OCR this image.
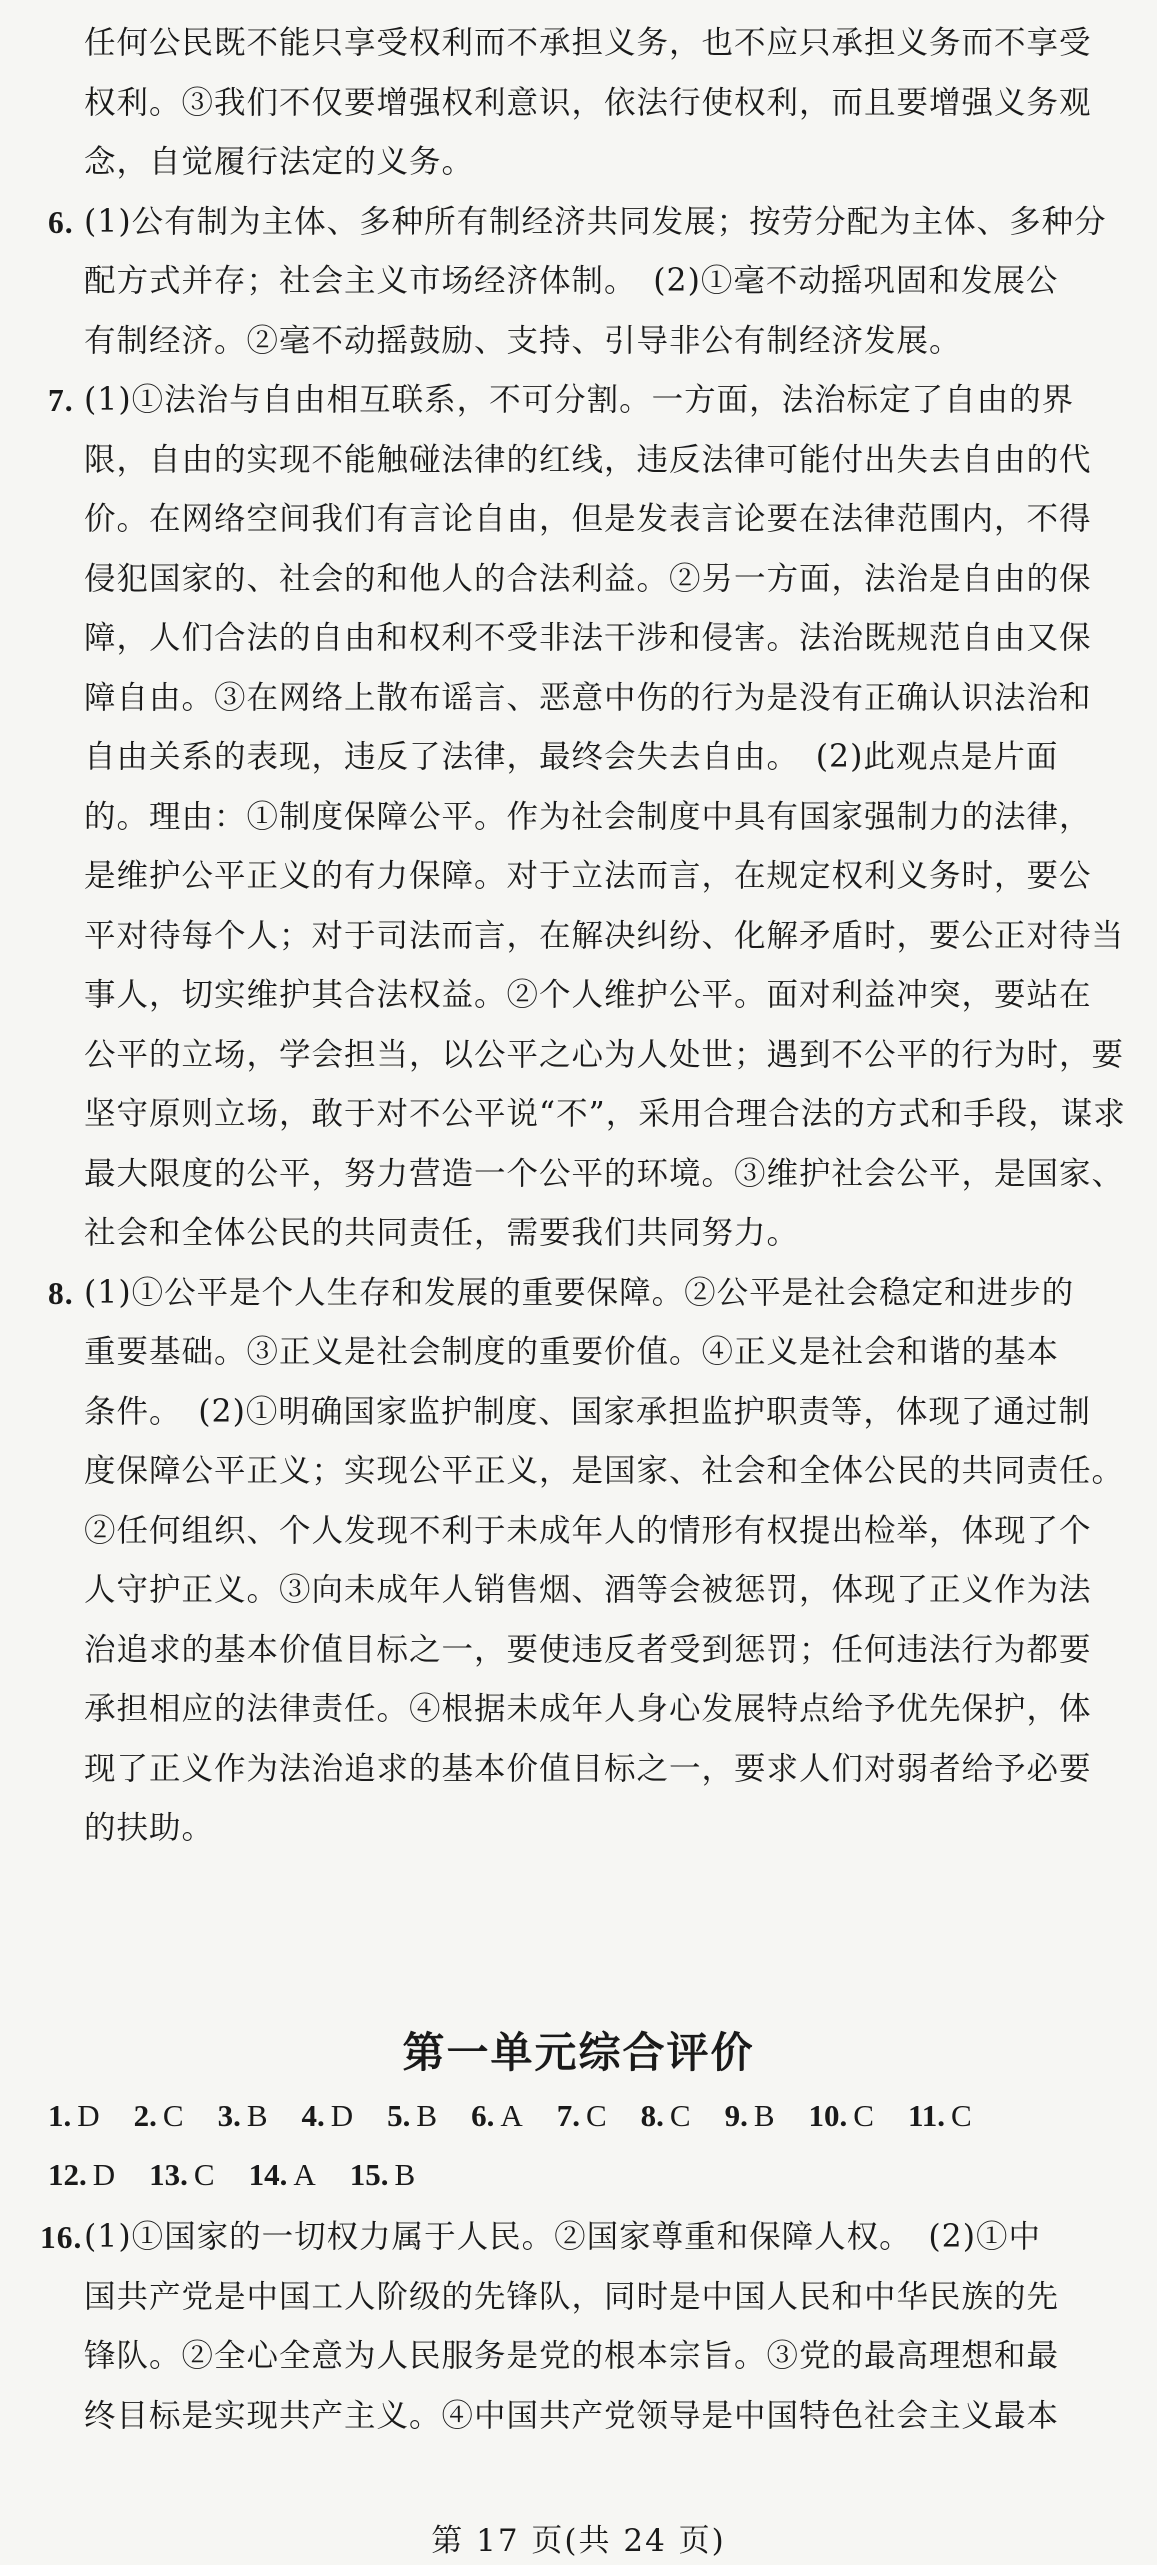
任何公民既不能只享受权利而不承担义务，也不应只承担义务而不享受
权利。③我们不仅要增强权利意识，依法行使权利，而且要增强义务观
念，自觉履行法定的义务。
6. (1)公有制为主体、多种所有制经济共同发展；按劳分配为主体、多种分
配方式并存；社会主义市场经济体制。　(2)①毫不动摇巩固和发展公
有制经济。②毫不动摇鼓励、支持、引导非公有制经济发展。
7. (1)①法治与自由相互联系，不可分割。一方面，法治标定了自由的界
限，自由的实现不能触碰法律的红线，违反法律可能付出失去自由的代
价。在网络空间我们有言论自由，但是发表言论要在法律范围内，不得
侵犯国家的、社会的和他人的合法利益。②另一方面，法治是自由的保
障，人们合法的自由和权利不受非法干涉和侵害。法治既规范自由又保
障自由。③在网络上散布谣言、恶意中伤的行为是没有正确认识法治和
自由关系的表现，违反了法律，最终会失去自由。　(2)此观点是片面
的。理由：①制度保障公平。作为社会制度中具有国家强制力的法律，
是维护公平正义的有力保障。对于立法而言，在规定权利义务时，要公
平对待每个人；对于司法而言，在解决纠纷、化解矛盾时，要公正对待当
事人，切实维护其合法权益。②个人维护公平。面对利益冲突，要站在
公平的立场，学会担当，以公平之心为人处世；遇到不公平的行为时，要
坚守原则立场，敢于对不公平说“不”，采用合理合法的方式和手段，谋求
最大限度的公平，努力营造一个公平的环境。③维护社会公平，是国家、
社会和全体公民的共同责任，需要我们共同努力。
8. (1)①公平是个人生存和发展的重要保障。②公平是社会稳定和进步的
重要基础。③正义是社会制度的重要价值。④正义是社会和谐的基本
条件。　(2)①明确国家监护制度、国家承担监护职责等，体现了通过制
度保障公平正义；实现公平正义，是国家、社会和全体公民的共同责任。
②任何组织、个人发现不利于未成年人的情形有权提出检举，体现了个
人守护正义。③向未成年人销售烟、酒等会被惩罚，体现了正义作为法
治追求的基本价值目标之一，要使违反者受到惩罚；任何违法行为都要
承担相应的法律责任。④根据未成年人身心发展特点给予优先保护，体
现了正义作为法治追求的基本价值目标之一，要求人们对弱者给予必要
的扶助。
16. (1)①国家的一切权力属于人民。②国家尊重和保障人权。　(2)①中
国共产党是中国工人阶级的先锋队，同时是中国人民和中华民族的先
锋队。②全心全意为人民服务是党的根本宗旨。③党的最高理想和最
终目标是实现共产主义。④中国共产党领导是中国特色社会主义最本
第一单元综合评价
1. D 2. C 3. B 4. D 5. B 6. A 7. C 8. C 9. B 10. C 11. C
12. D 13. C 14. A 15. B
第 17 页(共 24 页)
